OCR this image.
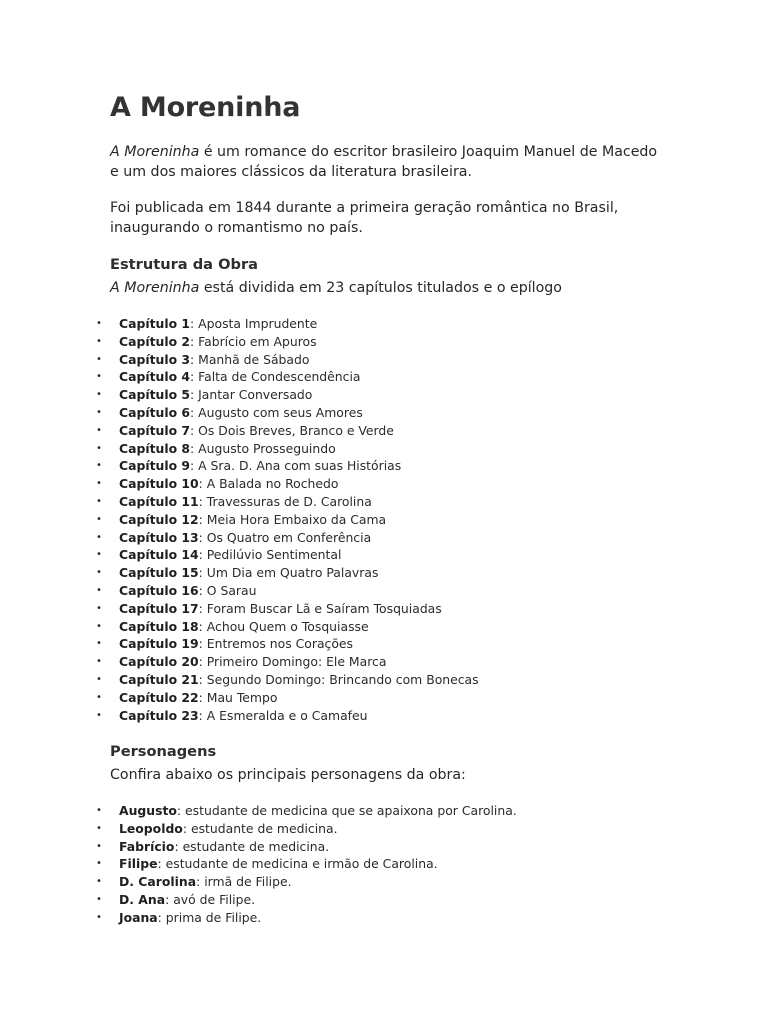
A Moreninha

A Moreninha é um romance do escritor brasileiro Joaquim Manuel de Macedo e um dos maiores clássicos da literatura brasileira.

Foi publicada em 1844 durante a primeira geração romântica no Brasil, inaugurando o romantismo no país.

Estrutura da Obra

A Moreninha está dividida em 23 capítulos titulados e o epílogo

• Capítulo 1: Aposta Imprudente
• Capítulo 2: Fabrício em Apuros
• Capítulo 3: Manhã de Sábado
• Capítulo 4: Falta de Condescendência
• Capítulo 5: Jantar Conversado
• Capítulo 6: Augusto com seus Amores
• Capítulo 7: Os Dois Breves, Branco e Verde
• Capítulo 8: Augusto Prosseguindo
• Capítulo 9: A Sra. D. Ana com suas Histórias
• Capítulo 10: A Balada no Rochedo
• Capítulo 11: Travessuras de D. Carolina
• Capítulo 12: Meia Hora Embaixo da Cama
• Capítulo 13: Os Quatro em Conferência
• Capítulo 14: Pedilúvio Sentimental
• Capítulo 15: Um Dia em Quatro Palavras
• Capítulo 16: O Sarau
• Capítulo 17: Foram Buscar Lã e Saíram Tosquiadas
• Capítulo 18: Achou Quem o Tosquiasse
• Capítulo 19: Entremos nos Corações
• Capítulo 20: Primeiro Domingo: Ele Marca
• Capítulo 21: Segundo Domingo: Brincando com Bonecas
• Capítulo 22: Mau Tempo
• Capítulo 23: A Esmeralda e o Camafeu
Personagens

Confira abaixo os principais personagens da obra:

• Augusto: estudante de medicina que se apaixona por Carolina.
• Leopoldo: estudante de medicina.
• Fabrício: estudante de medicina.
• Filipe: estudante de medicina e irmão de Carolina.
• D. Carolina: irmã de Filipe.
• D. Ana: avó de Filipe.
• Joana: prima de Filipe.
